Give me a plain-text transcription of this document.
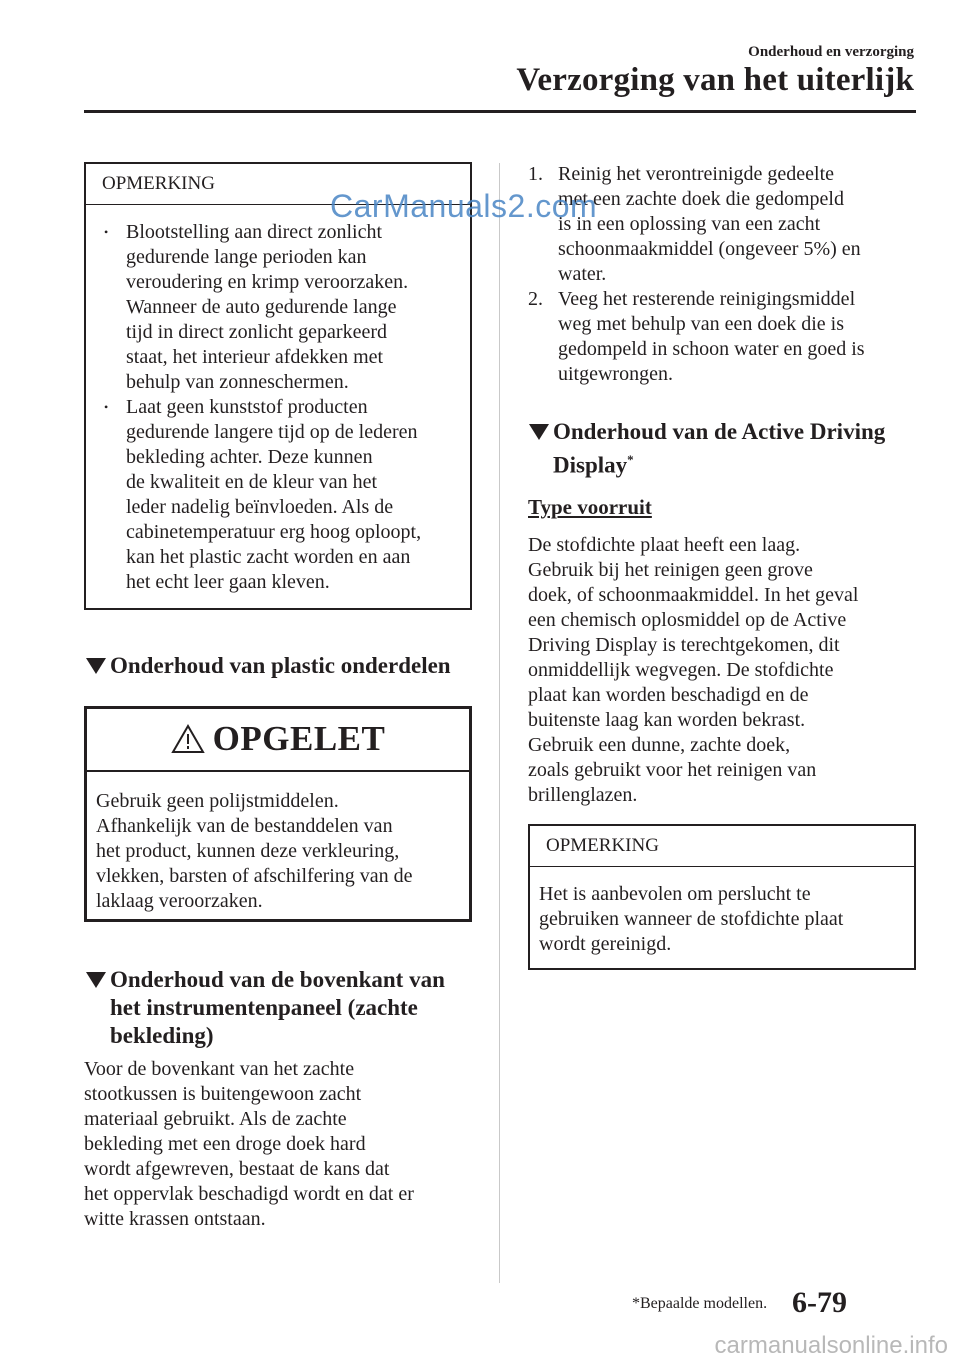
Onderhoud en verzorging
Verzorging van het uiterlijk
OPMERKING
• Blootstelling aan direct zonlicht
gedurende lange perioden kan
veroudering en krimp veroorzaken.
Wanneer de auto gedurende lange
tijd in direct zonlicht geparkeerd
staat, het interieur afdekken met
behulp van zonneschermen.
• Laat geen kunststof producten
gedurende langere tijd op de lederen
bekleding achter. Deze kunnen
de kwaliteit en de kleur van het
leder nadelig beïnvloeden. Als de
cabinetemperatuur erg hoog oploopt,
kan het plastic zacht worden en aan
het echt leer gaan kleven.
Onderhoud van plastic onderdelen
OPGELET
Gebruik geen polijstmiddelen.
Afhankelijk van de bestanddelen van
het product, kunnen deze verkleuring,
vlekken, barsten of afschilfering van de
laklaag veroorzaken.
Onderhoud van de bovenkant van
het instrumentenpaneel (zachte
bekleding)
Voor de bovenkant van het zachte
stootkussen is buitengewoon zacht
materiaal gebruikt. Als de zachte
bekleding met een droge doek hard
wordt afgewreven, bestaat de kans dat
het oppervlak beschadigd wordt en dat er
witte krassen ontstaan.
1. Reinig het verontreinigde gedeelte
met een zachte doek die gedompeld
is in een oplossing van een zacht
schoonmaakmiddel (ongeveer 5%) en
water.
2. Veeg het resterende reinigingsmiddel
weg met behulp van een doek die is
gedompeld in schoon water en goed is
uitgewrongen.
Onderhoud van de Active Driving
Display*
Type voorruit
De stofdichte plaat heeft een laag.
Gebruik bij het reinigen geen grove
doek, of schoonmaakmiddel. In het geval
een chemisch oplosmiddel op de Active
Driving Display is terechtgekomen, dit
onmiddellijk wegvegen. De stofdichte
plaat kan worden beschadigd en de
buitenste laag kan worden bekrast.
Gebruik een dunne, zachte doek,
zoals gebruikt voor het reinigen van
brillenglazen.
OPMERKING
Het is aanbevolen om perslucht te
gebruiken wanneer de stofdichte plaat
wordt gereinigd.
CarManuals2.com
*Bepaalde modellen. 6-79
carmanualsonline.info
